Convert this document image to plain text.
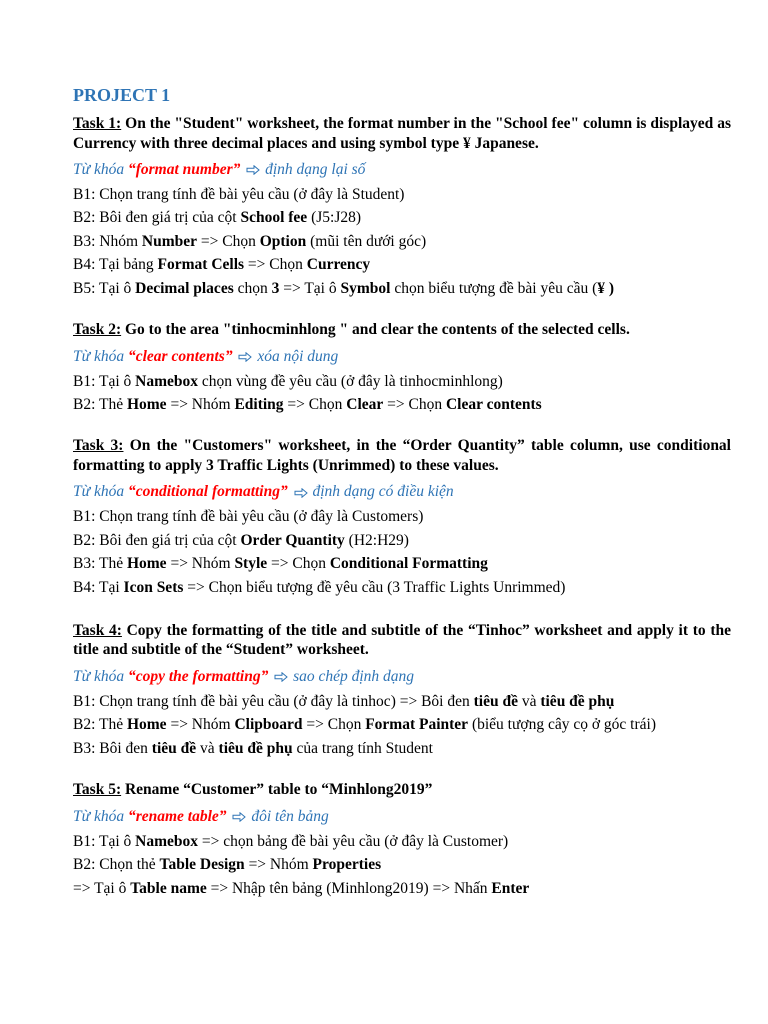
PROJECT 1
Task 1: On the "Student" worksheet, the format number in the "School fee" column is displayed as Currency with three decimal places and using symbol type ¥ Japanese.
Từ khóa “format number” định dạng lại số
B1: Chọn trang tính đề bài yêu cầu (ở đây là Student)
B2: Bôi đen giá trị của cột School fee (J5:J28)
B3: Nhóm Number => Chọn Option (mũi tên dưới góc)
B4: Tại bảng Format Cells => Chọn Currency
B5: Tại ô Decimal places chọn 3 => Tại ô Symbol chọn biểu tượng đề bài yêu cầu (¥ )
Task 2: Go to the area "tinhocminhlong " and clear the contents of the selected cells.
Từ khóa “clear contents” xóa nội dung
B1: Tại ô Namebox chọn vùng đề yêu cầu (ở đây là tinhocminhlong)
B2: Thẻ Home => Nhóm Editing => Chọn Clear => Chọn Clear contents
Task 3: On the "Customers" worksheet, in the “Order Quantity” table column, use conditional formatting to apply 3 Traffic Lights (Unrimmed) to these values.
Từ khóa “conditional formatting” định dạng có điều kiện
B1: Chọn trang tính đề bài yêu cầu (ở đây là Customers)
B2: Bôi đen giá trị của cột Order Quantity (H2:H29)
B3: Thẻ Home => Nhóm Style => Chọn Conditional Formatting
B4: Tại Icon Sets => Chọn biểu tượng đề yêu cầu (3 Traffic Lights Unrimmed)
Task 4: Copy the formatting of the title and subtitle of the “Tinhoc” worksheet and apply it to the title and subtitle of the “Student” worksheet.
Từ khóa “copy the formatting” sao chép định dạng
B1: Chọn trang tính đề bài yêu cầu (ở đây là tinhoc) => Bôi đen tiêu đề và tiêu đề phụ
B2: Thẻ Home => Nhóm Clipboard => Chọn Format Painter (biểu tượng cây cọ ở góc trái)
B3: Bôi đen tiêu đề và tiêu đề phụ của trang tính Student
Task 5: Rename “Customer” table to “Minhlong2019”
Từ khóa “rename table” đôi tên bảng
B1: Tại ô Namebox => chọn bảng đề bài yêu cầu (ở đây là Customer)
B2: Chọn thẻ Table Design => Nhóm Properties
=> Tại ô Table name => Nhập tên bảng (Minhlong2019) => Nhấn Enter
